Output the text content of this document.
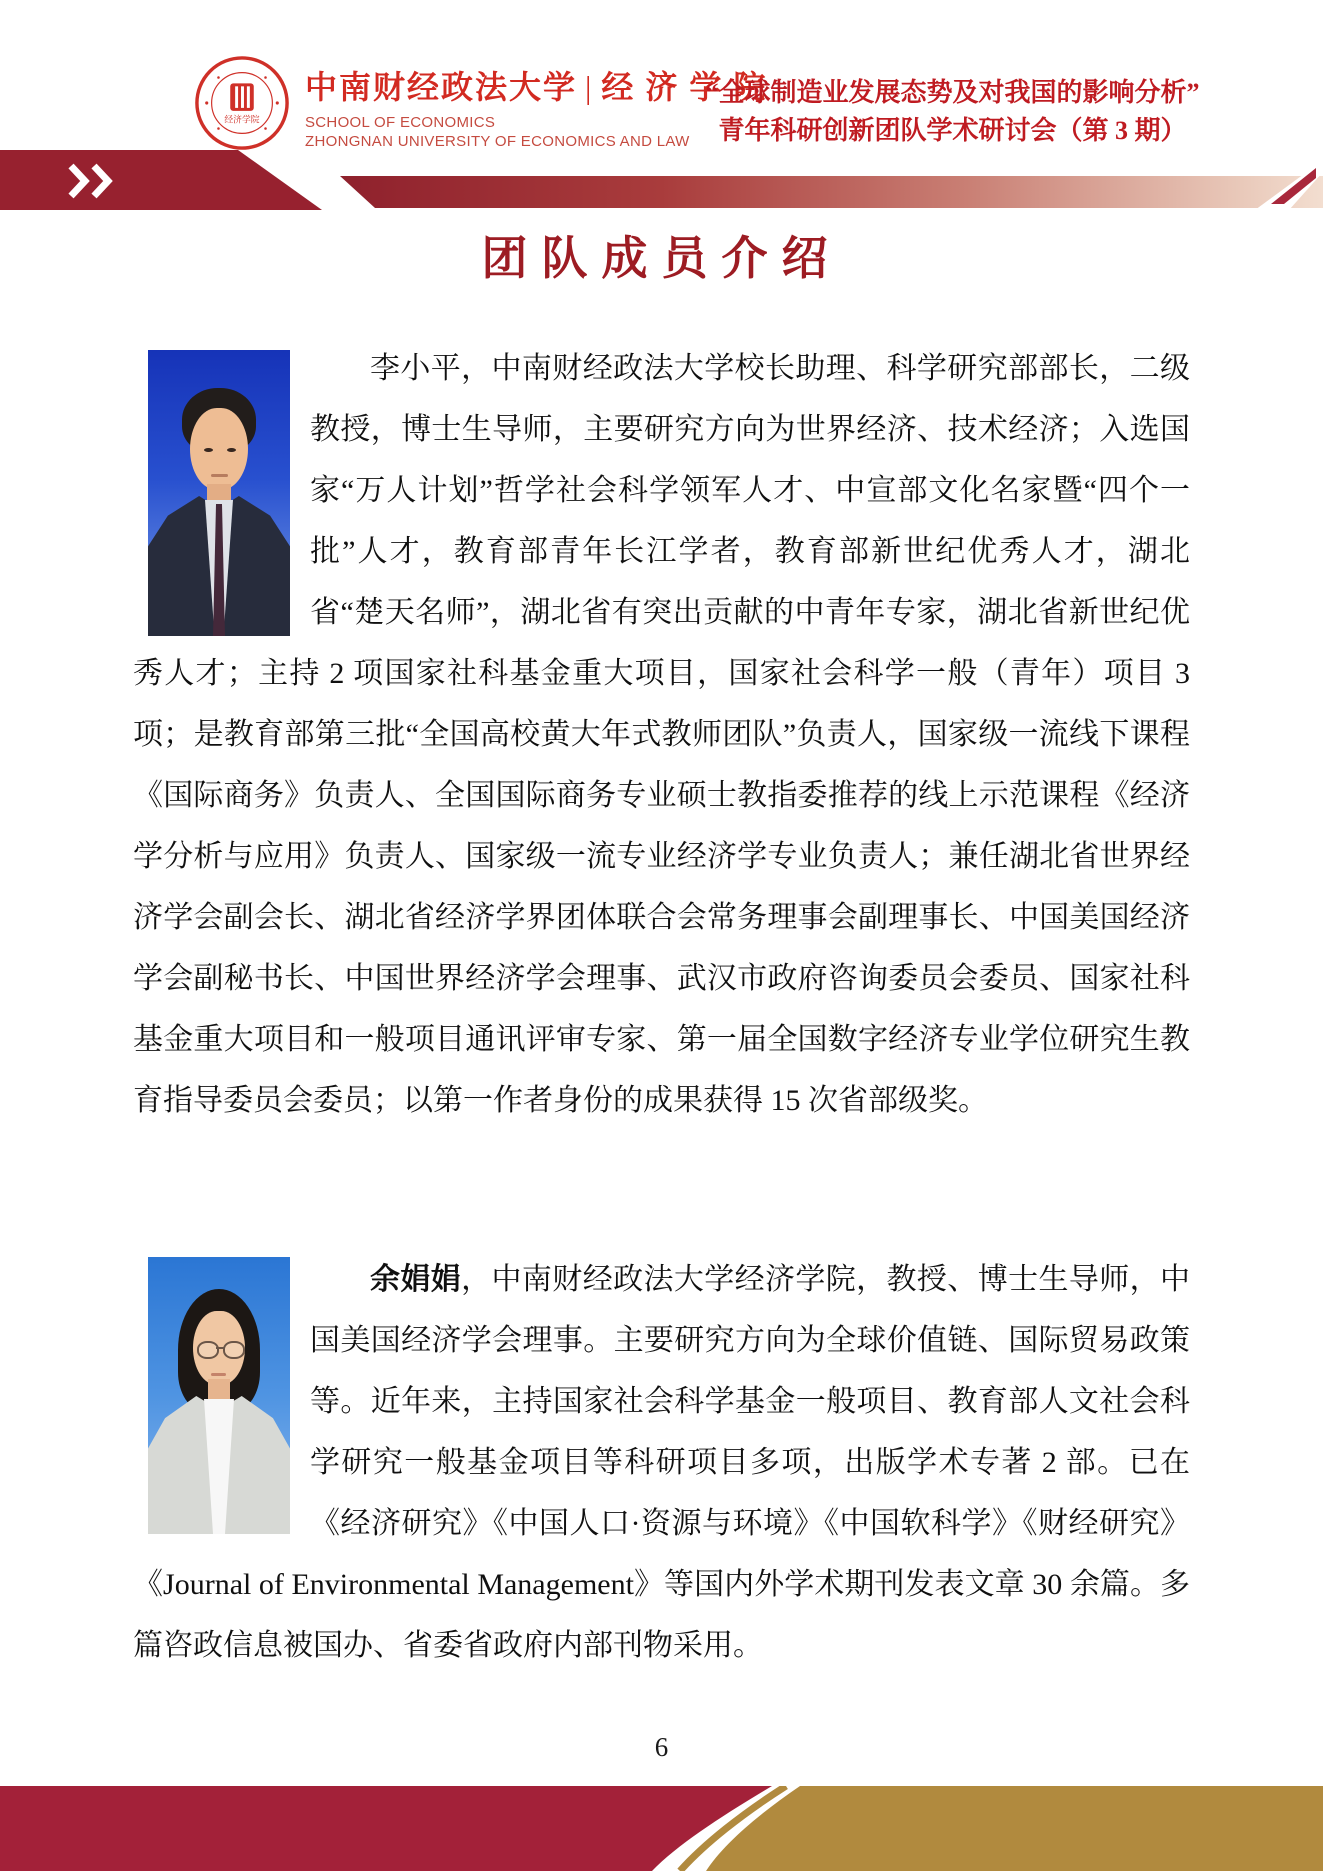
经济学院
中南财经政法大学 | 经 济 学 院
SCHOOL OF ECONOMICS
ZHONGNAN UNIVERSITY OF ECONOMICS AND LAW
“全球制造业发展态势及对我国的影响分析”
青年科研创新团队学术研讨会（第 3 期）
团队成员介绍

李小平，中南财经政法大学校长助理、科学研究部部长，二级教授，博士生导师，主要研究方向为世界经济、技术经济；入选国家“万人计划”哲学社会科学领军人才、中宣部文化名家暨“四个一批”人才，教育部青年长江学者，教育部新世纪优秀人才，湖北省“楚天名师”，湖北省有突出贡献的中青年专家，湖北省新世纪优秀人才；主持 2 项国家社科基金重大项目，国家社会科学一般（青年）项目 3 项；是教育部第三批“全国高校黄大年式教师团队”负责人，国家级一流线下课程《国际商务》负责人、全国国际商务专业硕士教指委推荐的线上示范课程《经济学分析与应用》负责人、国家级一流专业经济学专业负责人；兼任湖北省世界经济学会副会长、湖北省经济学界团体联合会常务理事会副理事长、中国美国经济学会副秘书长、中国世界经济学会理事、武汉市政府咨询委员会委员、国家社科基金重大项目和一般项目通讯评审专家、第一届全国数字经济专业学位研究生教育指导委员会委员；以第一作者身份的成果获得 15 次省部级奖。

余娟娟，中南财经政法大学经济学院，教授、博士生导师，中国美国经济学会理事。主要研究方向为全球价值链、国际贸易政策等。近年来，主持国家社会科学基金一般项目、教育部人文社会科学研究一般基金项目等科研项目多项，出版学术专著 2 部。已在《经济研究》《中国人口·资源与环境》《中国软科学》《财经研究》《Journal of Environmental Management》等国内外学术期刊发表文章 30 余篇。多篇咨政信息被国办、省委省政府内部刊物采用。

6
